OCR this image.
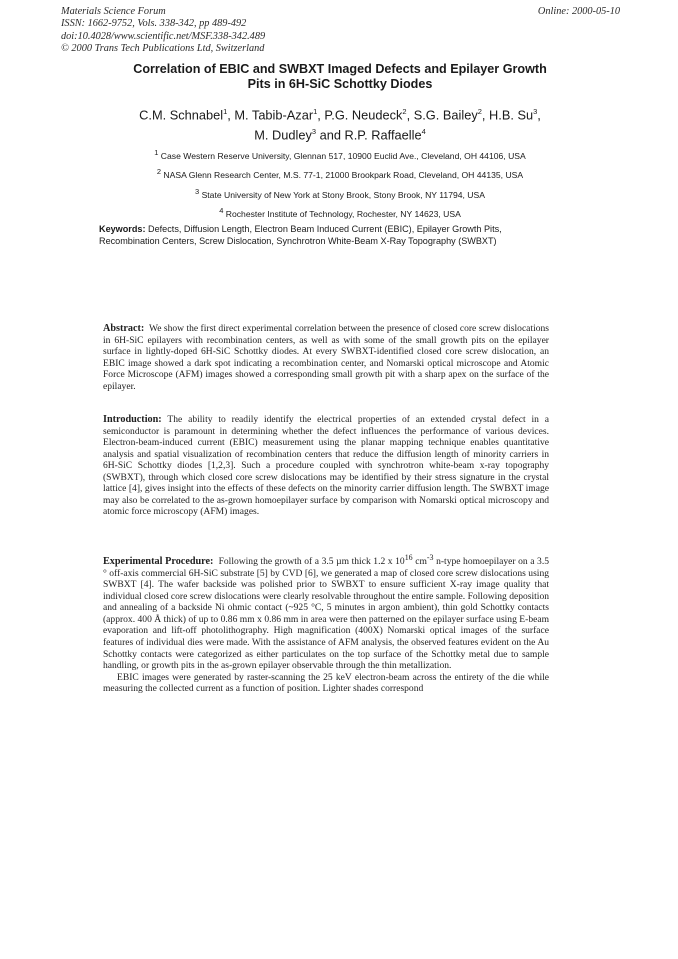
Materials Science Forum
ISSN: 1662-9752, Vols. 338-342, pp 489-492
doi:10.4028/www.scientific.net/MSF.338-342.489
© 2000 Trans Tech Publications Ltd, Switzerland
Online: 2000-05-10
Correlation of EBIC and SWBXT Imaged Defects and Epilayer Growth
Pits in 6H-SiC Schottky Diodes
C.M. Schnabel$^1$, M. Tabib-Azar$^1$, P.G. Neudeck$^2$, S.G. Bailey$^2$, H.B. Su$^3$,
M. Dudley$^3$ and R.P. Raffaelle$^4$
$^1$ Case Western Reserve University, Glennan 517, 10900 Euclid Ave., Cleveland, OH 44106, USA
$^2$ NASA Glenn Research Center, M.S. 77-1, 21000 Brookpark Road, Cleveland, OH 44135, USA
$^3$ State University of New York at Stony Brook, Stony Brook, NY 11794, USA
$^4$ Rochester Institute of Technology, Rochester, NY 14623, USA
Keywords: Defects, Diffusion Length, Electron Beam Induced Current (EBIC), Epilayer Growth Pits, Recombination Centers, Screw Dislocation, Synchrotron White-Beam X-Ray Topography (SWBXT)

Abstract: We show the first direct experimental correlation between the presence of closed core screw dislocations in 6H-SiC epilayers with recombination centers, as well as with some of the small growth pits on the epilayer surface in lightly-doped 6H-SiC Schottky diodes. At every SWBXT-identified closed core screw dislocation, an EBIC image showed a dark spot indicating a recombination center, and Nomarski optical microscope and Atomic Force Microscope (AFM) images showed a corresponding small growth pit with a sharp apex on the surface of the epilayer.

Introduction: The ability to readily identify the electrical properties of an extended crystal defect in a semiconductor is paramount in determining whether the defect influences the performance of various devices. Electron-beam-induced current (EBIC) measurement using the planar mapping technique enables quantitative analysis and spatial visualization of recombination centers that reduce the diffusion length of minority carriers in 6H-SiC Schottky diodes [1,2,3]. Such a procedure coupled with synchrotron white-beam x-ray topography (SWBXT), through which closed core screw dislocations may be identified by their stress signature in the crystal lattice [4], gives insight into the effects of these defects on the minority carrier diffusion length. The SWBXT image may also be correlated to the as-grown homoepilayer surface by comparison with Nomarski optical microscopy and atomic force microscopy (AFM) images.

Experimental Procedure: Following the growth of a 3.5 µm thick 1.2 x $10^{16}$ $cm^{-3}$ n-type homoepilayer on a 3.5 ° off-axis commercial 6H-SiC substrate [5] by CVD [6], we generated a map of closed core screw dislocations using SWBXT [4]. The wafer backside was polished prior to SWBXT to ensure sufficient X-ray image quality that individual closed core screw dislocations were clearly resolvable throughout the entire sample. Following deposition and annealing of a backside Ni ohmic contact (~925 °C, 5 minutes in argon ambient), thin gold Schottky contacts (approx. 400 Å thick) of up to 0.86 mm x 0.86 mm in area were then patterned on the epilayer surface using E-beam evaporation and lift-off photolithography. High magnification (400X) Nomarski optical images of the surface features of individual dies were made. With the assistance of AFM analysis, the observed features evident on the Au Schottky contacts were categorized as either particulates on the top surface of the Schottky metal due to sample handling, or growth pits in the as-grown epilayer observable through the thin metallization.

EBIC images were generated by raster-scanning the 25 keV electron-beam across the entirety of the die while measuring the collected current as a function of position. Lighter shades correspond
